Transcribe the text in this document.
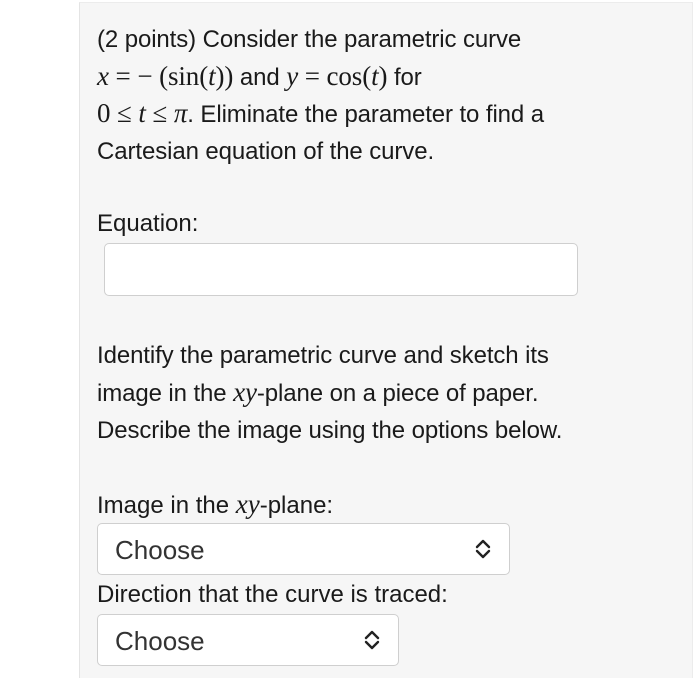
(2 points) Consider the parametric curve
x = − (sin(t)) and y = cos(t) for
0 ≤ t ≤ π. Eliminate the parameter to find a
Cartesian equation of the curve.
Equation:
Identify the parametric curve and sketch its
image in the xy-plane on a piece of paper.
Describe the image using the options below.
Image in the xy-plane:
Choose
Direction that the curve is traced:
Choose
